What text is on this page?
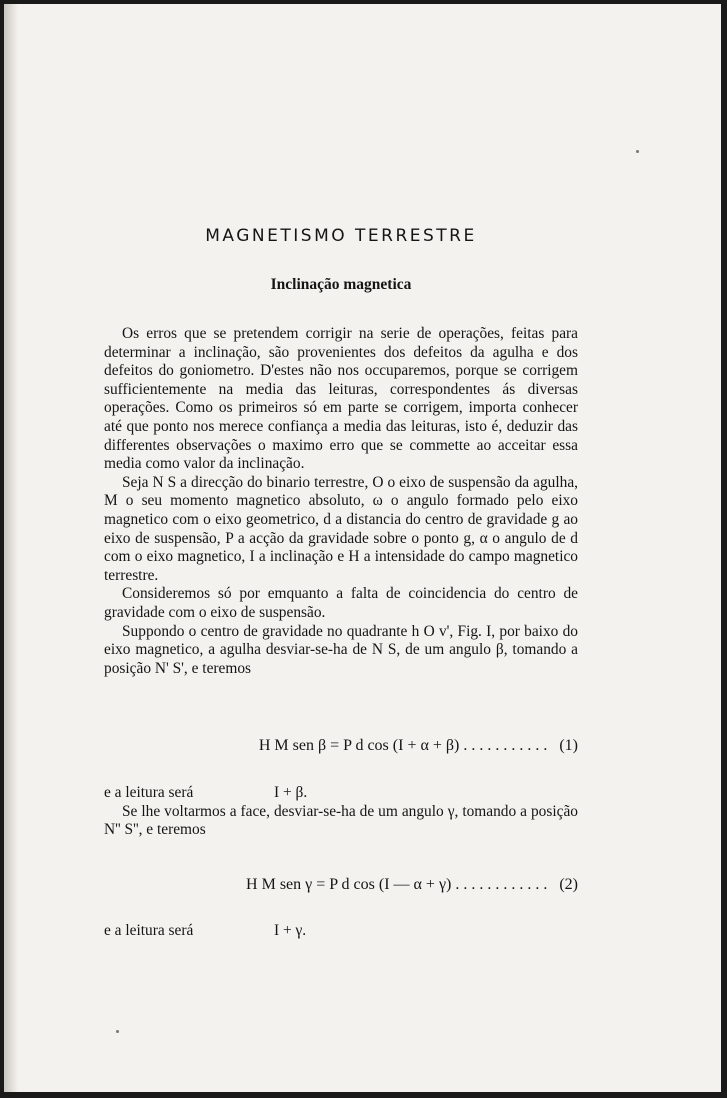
MAGNETISMO TERRESTRE
Inclinação magnetica

Os erros que se pretendem corrigir na serie de operações, feitas para determinar a inclinação, são provenientes dos defeitos da agulha e dos defeitos do goniometro. D'estes não nos occuparemos, porque se corrigem sufficientemente na media das leituras, correspondentes ás diversas operações. Como os primeiros só em parte se corrigem, importa conhecer até que ponto nos merece confiança a media das leituras, isto é, deduzir das differentes observações o maximo erro que se commette ao acceitar essa media como valor da inclinação.

Seja N S a direcção do binario terrestre, O o eixo de suspensão da agulha, M o seu momento magnetico absoluto, ω o angulo formado pelo eixo magnetico com o eixo geometrico, d a distancia do centro de gravidade g ao eixo de suspensão, P a acção da gravidade sobre o ponto g, α o angulo de d com o eixo magnetico, I a inclinação e H a intensidade do campo magnetico terrestre.

Consideremos só por emquanto a falta de coincidencia do centro de gravidade com o eixo de suspensão.

Suppondo o centro de gravidade no quadrante h O v', Fig. I, por baixo do eixo magnetico, a agulha desviar-se-ha de N S, de um angulo β, tomando a posição N' S', e teremos

H M sen β = P d cos (I + α + β) . . . . . . . . . . . (1)
e a leitura será	I + β.

Se lhe voltarmos a face, desviar-se-ha de um angulo γ, tomando a posição N'' S'', e teremos

H M sen γ = P d cos (I — α + γ) . . . . . . . . . . . . (2)
e a leitura será	I + γ.
